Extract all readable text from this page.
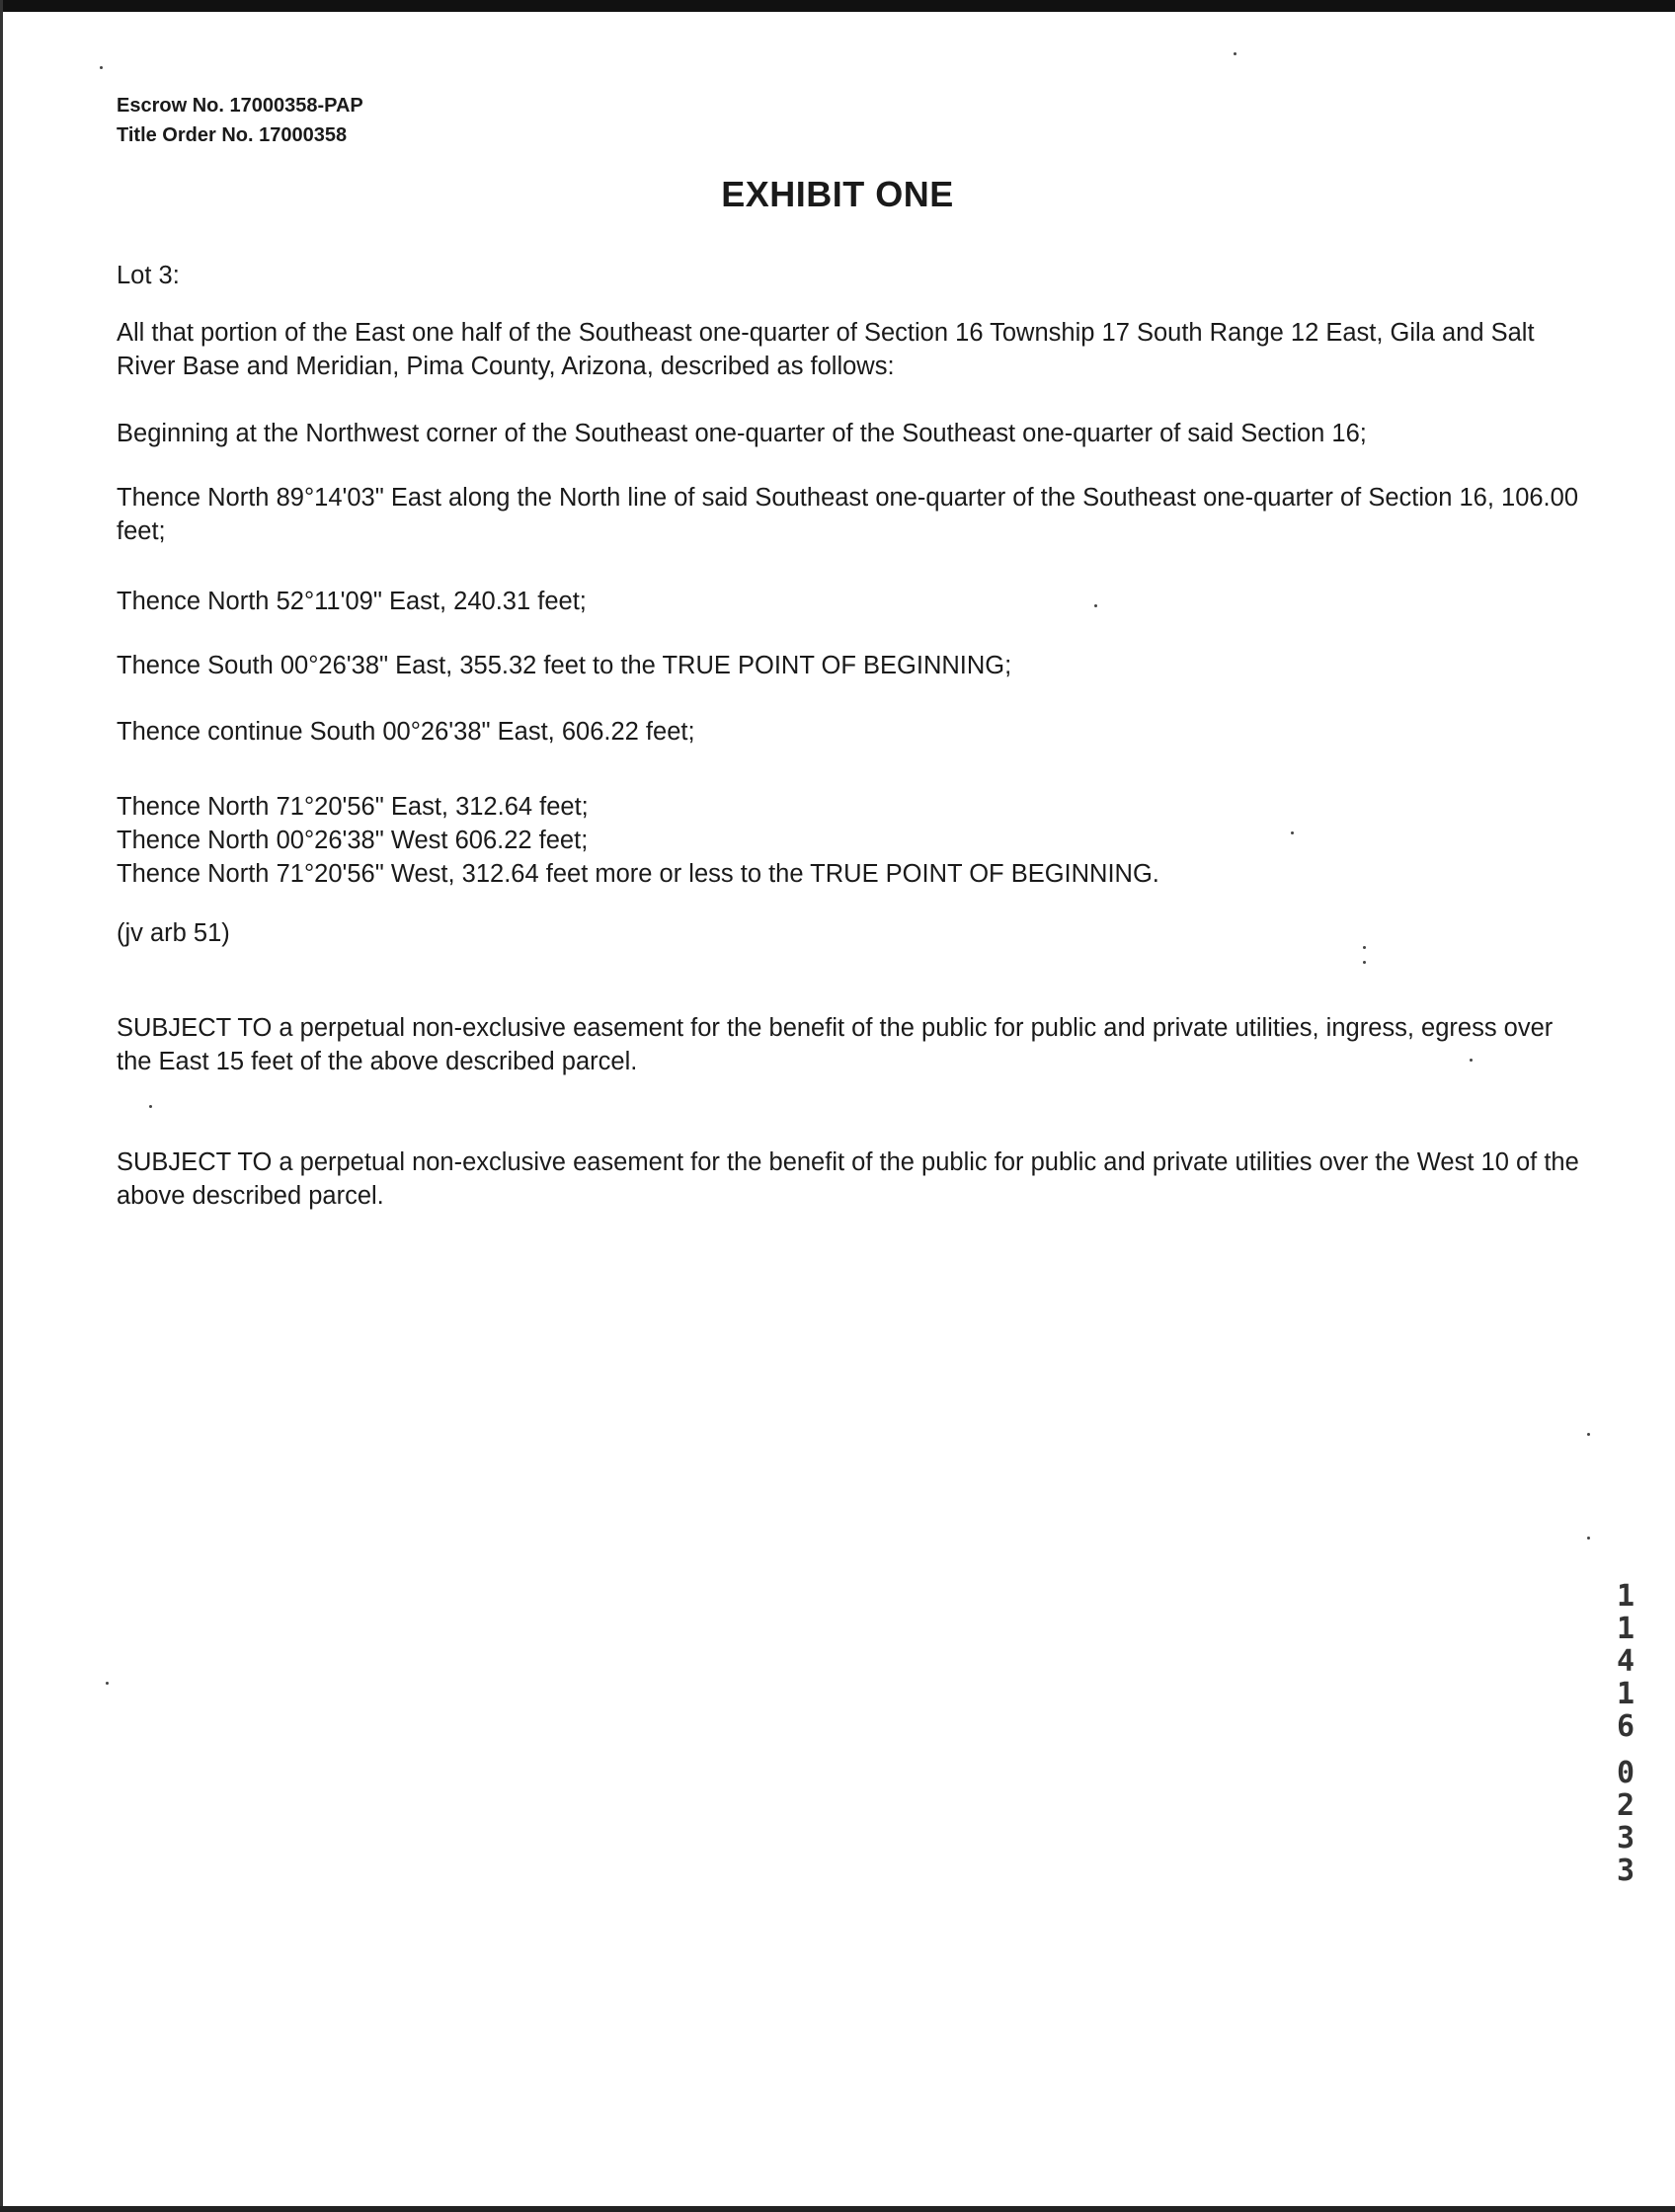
Escrow No. 17000358-PAP
Title Order No. 17000358
EXHIBIT ONE
Lot 3:
All that portion of the East one half of the Southeast one-quarter of Section 16 Township 17 South Range 12 East, Gila and Salt River Base and Meridian, Pima County, Arizona, described as follows:
Beginning at the Northwest corner of the Southeast one-quarter of the Southeast one-quarter of said Section 16;
Thence North 89°14'03" East along the North line of said Southeast one-quarter of the Southeast one-quarter of Section 16, 106.00 feet;
Thence North 52°11'09" East, 240.31 feet;
Thence South 00°26'38" East, 355.32 feet to the TRUE POINT OF BEGINNING;
Thence continue South 00°26'38" East, 606.22 feet;
Thence North 71°20'56" East, 312.64 feet;
Thence North 00°26'38" West 606.22 feet;
Thence North 71°20'56" West, 312.64 feet more or less to the TRUE POINT OF BEGINNING.
(jv arb 51)
SUBJECT TO a perpetual non-exclusive easement for the benefit of the public for public and private utilities, ingress, egress over the East 15 feet of the above described parcel.
SUBJECT TO a perpetual non-exclusive easement for the benefit of the public for public and private utilities over the West 10 of the above described parcel.
1
1
4
1
6
0
2
3
3
